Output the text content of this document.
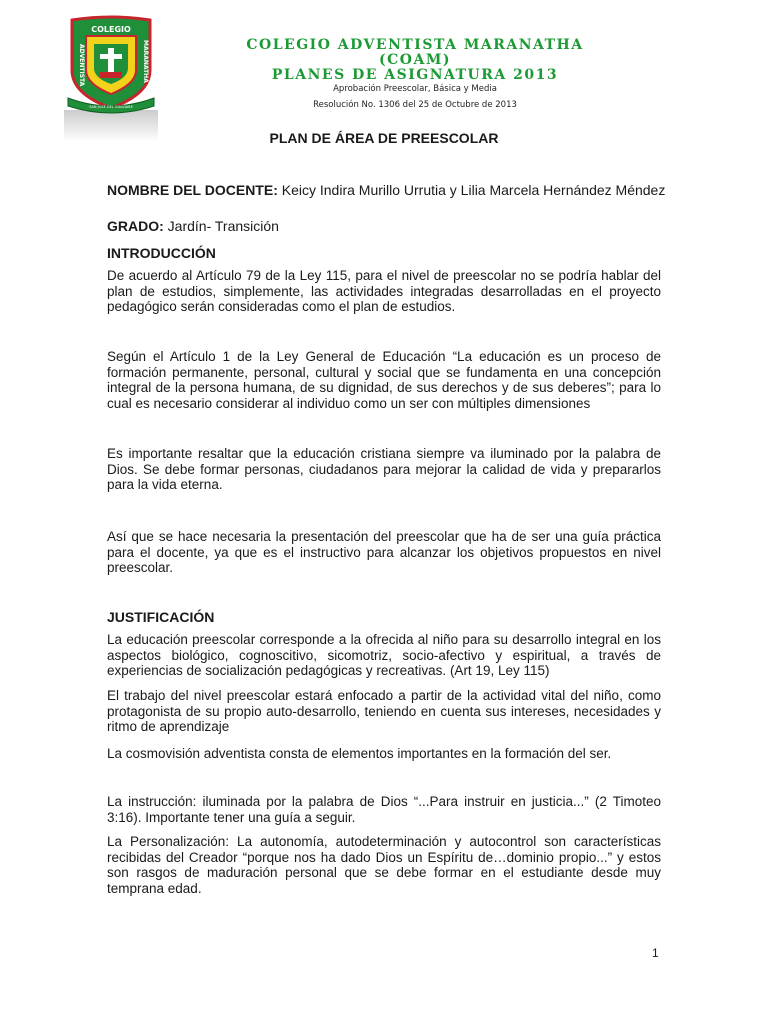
COLEGIO
ADVENTISTA	MARANATHA
SAN JOSÉ DEL GUAVIARE
COLEGIO ADVENTISTA MARANATHA
(COAM)
PLANES DE ASIGNATURA 2013
Aprobación Preescolar, Básica y Media
Resolución No. 1306 del 25 de Octubre de 2013
PLAN DE ÁREA DE PREESCOLAR
NOMBRE DEL DOCENTE: Keicy Indira Murillo Urrutia y Lilia Marcela Hernández Méndez
GRADO: Jardín- Transición
INTRODUCCIÓN
De acuerdo al Artículo 79 de la Ley 115, para el nivel de preescolar no se podría hablar del plan de estudios, simplemente, las actividades integradas desarrolladas en el proyecto pedagógico serán consideradas como el plan de estudios.
Según el Artículo 1 de la Ley General de Educación “La educación es un proceso de formación permanente, personal, cultural y social que se fundamenta en una concepción integral de la persona humana, de su dignidad, de sus derechos y de sus deberes”; para lo cual es necesario considerar al individuo como un ser con múltiples dimensiones
Es importante resaltar que la educación cristiana siempre va iluminado por la palabra de Dios. Se debe formar personas, ciudadanos para mejorar la calidad de vida y prepararlos para la vida eterna.
Así que se hace necesaria la presentación del preescolar que ha de ser una guía práctica para el docente, ya que es el instructivo para alcanzar los objetivos propuestos en nivel preescolar.
JUSTIFICACIÓN
La educación preescolar corresponde a la ofrecida al niño para su desarrollo integral en los aspectos biológico, cognoscitivo, sicomotriz, socio-afectivo y espiritual, a través de experiencias de socialización pedagógicas y recreativas. (Art 19, Ley 115)
El trabajo del nivel preescolar estará enfocado a partir de la actividad vital del niño, como protagonista de su propio auto-desarrollo, teniendo en cuenta sus intereses, necesidades y ritmo de aprendizaje
La cosmovisión adventista consta de elementos importantes en la formación del ser.
La instrucción: iluminada por la palabra de Dios “...Para instruir en justicia...” (2 Timoteo 3:16). Importante tener una guía a seguir.
La Personalización: La autonomía, autodeterminación y autocontrol son características recibidas del Creador “porque nos ha dado Dios un Espíritu de…dominio propio...” y estos son rasgos de maduración personal que se debe formar en el estudiante desde muy temprana edad.
1
